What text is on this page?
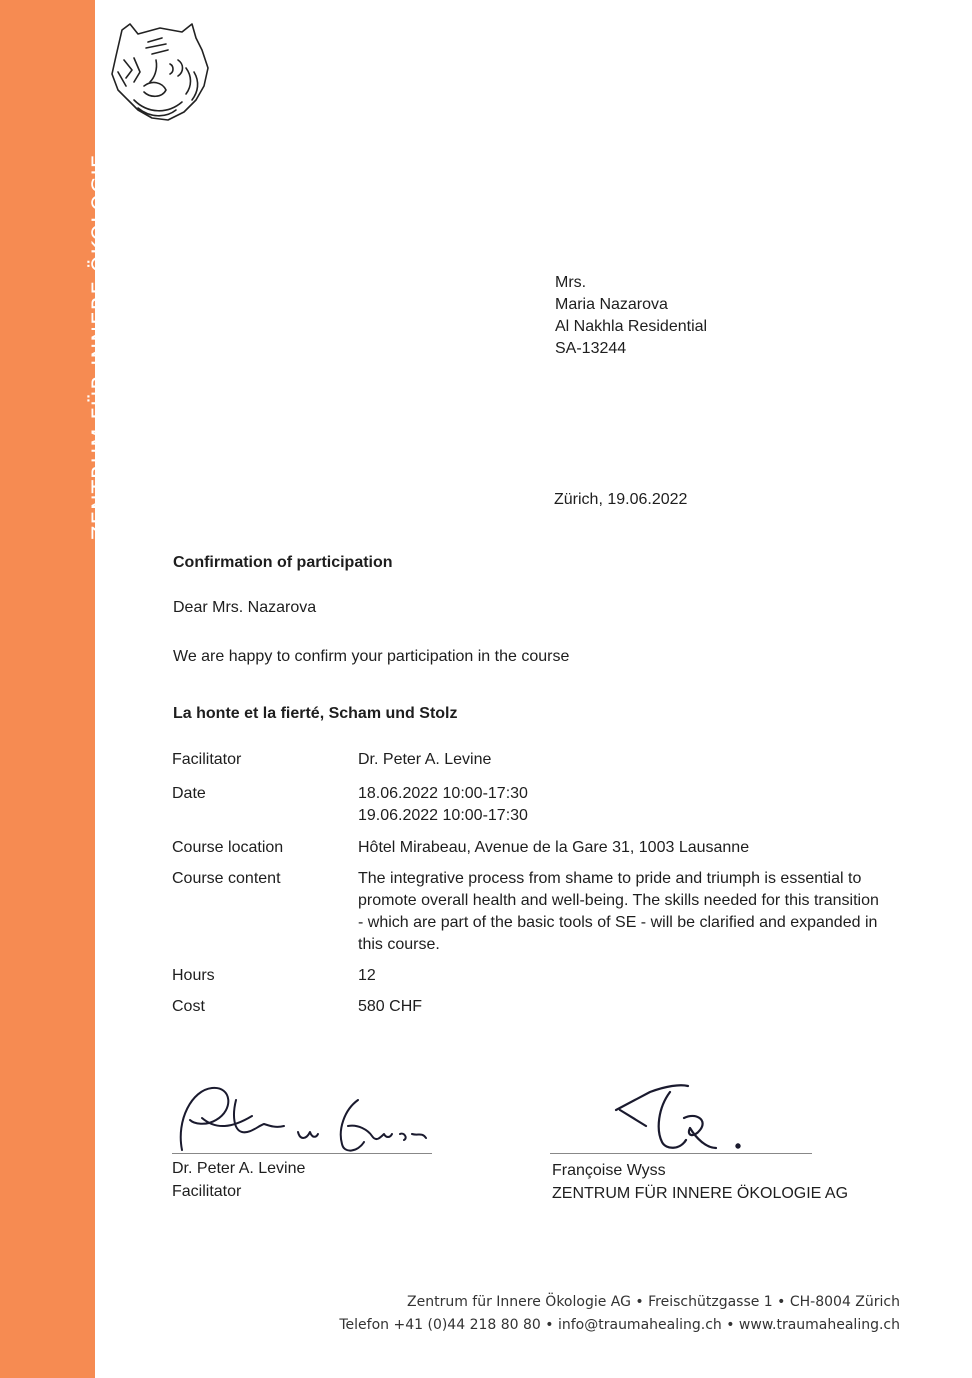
ZENTRUM FÜR INNERE ÖKOLOGIE	Mrs.
Maria Nazarova
Al Nakhla Residential
SA-13244
Zürich, 19.06.2022
Confirmation of participation
Dear Mrs. Nazarova
We are happy to confirm your participation in the course
La honte et la fierté, Scham und Stolz
Facilitator	Dr. Peter A. Levine
Date	18.06.2022 10:00-17:30
19.06.2022 10:00-17:30
Course location	Hôtel Mirabeau, Avenue de la Gare 31, 1003 Lausanne
Course content	The integrative process from shame to pride and triumph is essential to promote overall health and well-being. The skills needed for this transition - which are part of the basic tools of SE - will be clarified and expanded in this course.
Hours	12
Cost	580 CHF
Dr. Peter A. Levine
Facilitator
Françoise Wyss
ZENTRUM FÜR INNERE ÖKOLOGIE AG
Zentrum für Innere Ökologie AG • Freischützgasse 1 • CH-8004 Zürich
Telefon +41 (0)44 218 80 80 • info@traumahealing.ch • www.traumahealing.ch
